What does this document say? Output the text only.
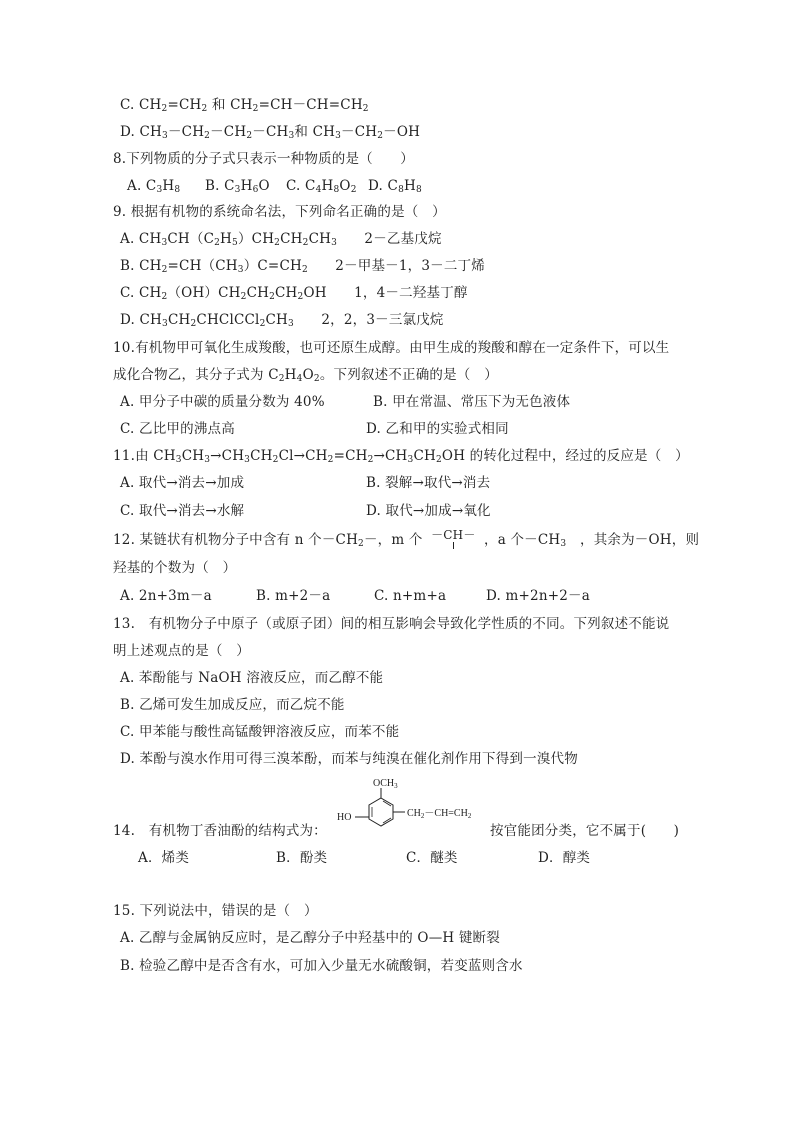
C. $CH_2=CH_2$ 和 $CH_2=CH-CH=CH_2$
D. $CH_3-CH_2-CH_2-CH_3$和 $CH_3-CH_2-OH$
8.下列物质的分子式只表示一种物质的是（　　）
A. $C_3H_8$ B. $C_3H_6O$ C. $C_4H_8O_2$ D. $C_8H_8$
9. 根据有机物的系统命名法，下列命名正确的是（　）
A. $CH_3CH(C_2H_5)CH_2CH_2CH_3$　　2－乙基戊烷
B. $CH_2=CH(CH_3)C=CH_2$　　2－甲基－1，3－二丁烯
C. $CH_2(OH)CH_2CH_2CH_2OH$　　1，4－二羟基丁醇
D. $CH_3CH_2CHClCCl_2CH_3$　　2，2，3－三氯戊烷
10.有机物甲可氧化生成羧酸，也可还原生成醇。由甲生成的羧酸和醇在一定条件下，可以生
成化合物乙，其分子式为 $C_2H_4O_2$。下列叙述不正确的是（　）
A. 甲分子中碳的质量分数为 40%	B. 甲在常温、常压下为无色液体
C. 乙比甲的沸点高	D. 乙和甲的实验式相同
11.由 $CH_3CH_3\to CH_3CH_2Cl\to CH_2=CH_2\to CH_3CH_2OH$ 的转化过程中，经过的反应是（　）
A. 取代→消去→加成	B. 裂解→取代→消去
C. 取代→消去→水解	D. 取代→加成→氧化
12. 某链状有机物分子中含有 n 个$-CH_2-$，m 个 －CH－ ，a 个$-CH_3$　，其余为－OH，则
羟基的个数为（　）
A. 2n+3m－a	B. m+2－a	C. n+m+a	D. m+2n+2－a
13.　有机物分子中原子（或原子团）间的相互影响会导致化学性质的不同。下列叙述不能说
明上述观点的是（　）
A. 苯酚能与 NaOH 溶液反应，而乙醇不能
B. 乙烯可发生加成反应，而乙烷不能
C. 甲苯能与酸性高锰酸钾溶液反应，而苯不能
D. 苯酚与溴水作用可得三溴苯酚，而苯与纯溴在催化剂作用下得到一溴代物
14.　有机物丁香油酚的结构式为：
$OCH_3$
HO	$CH_2-CH=CH_2$
按官能团分类，它不属于(　　)
A．烯类	B．酚类	C．醚类	D．醇类
15. 下列说法中，错误的是（　）
A. 乙醇与金属钠反应时，是乙醇分子中羟基中的 O—H 键断裂
B. 检验乙醇中是否含有水，可加入少量无水硫酸铜，若变蓝则含水
